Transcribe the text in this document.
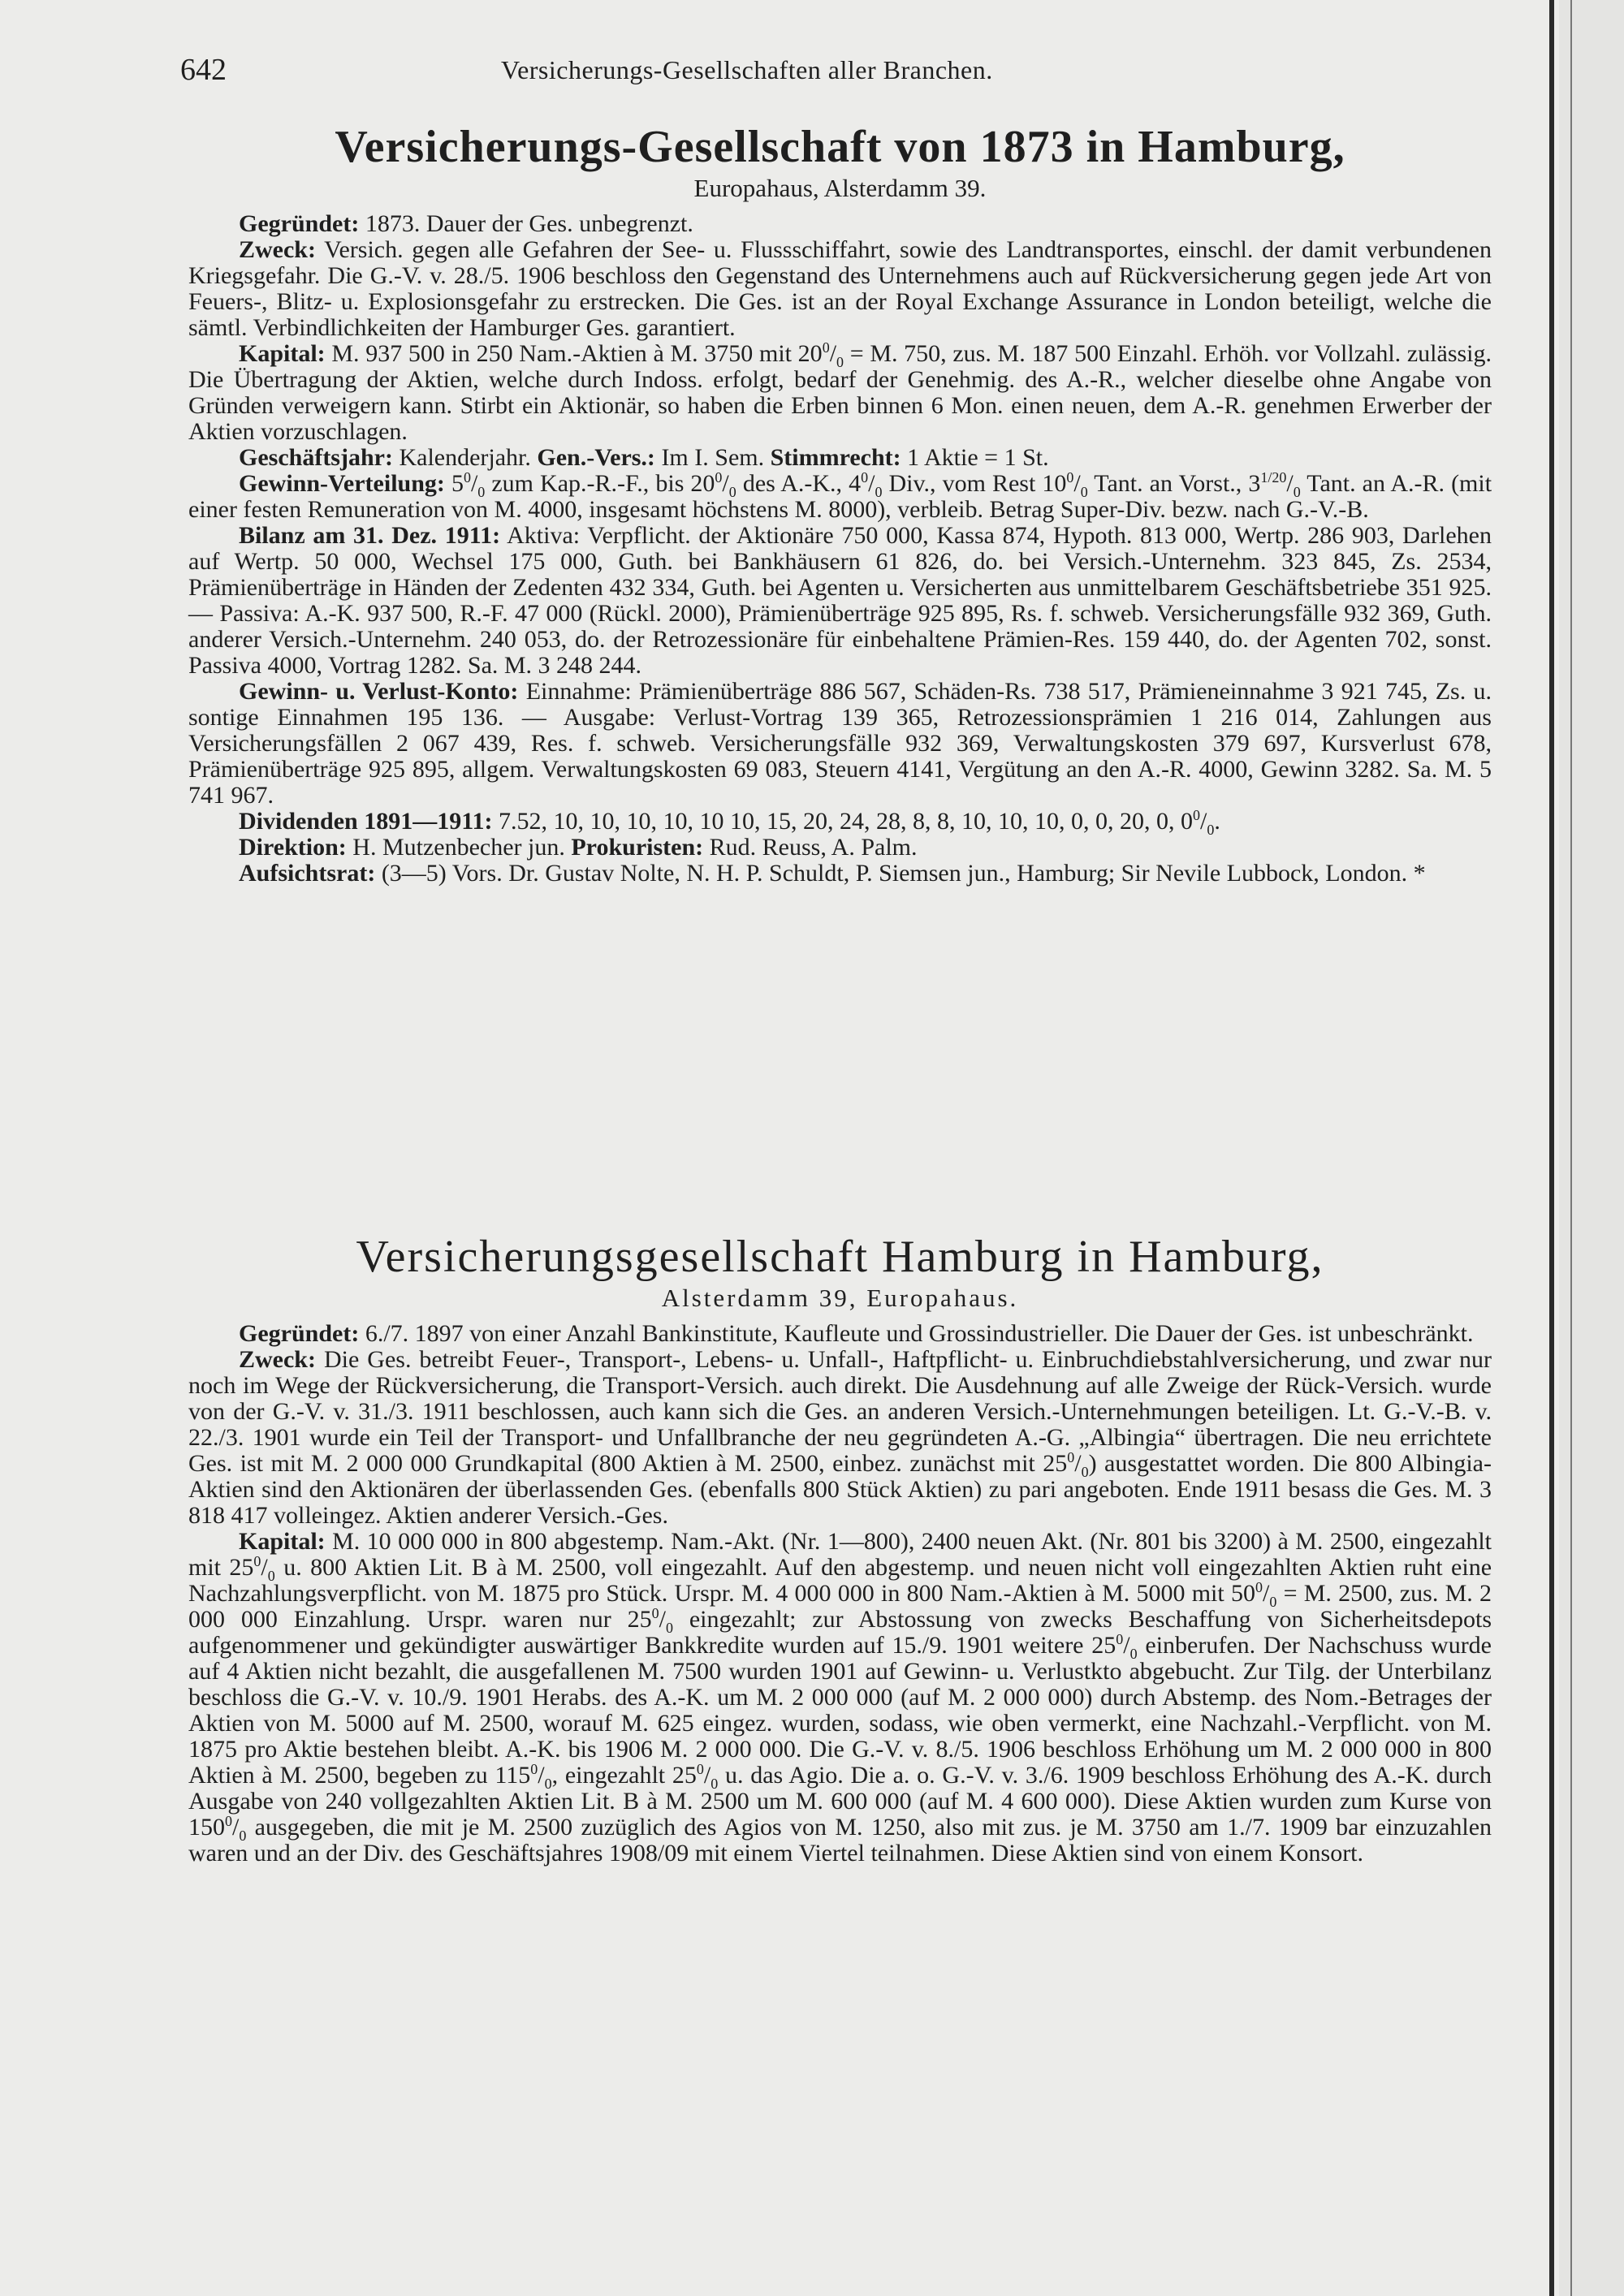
642	Versicherungs-Gesellschaften aller Branchen.

Versicherungs-Gesellschaft von 1873 in Hamburg,

Europahaus, Alsterdamm 39.

Gegründet: 1873. Dauer der Ges. unbegrenzt.

Zweck: Versich. gegen alle Gefahren der See- u. Flussschiffahrt, sowie des Landtransportes, einschl. der damit verbundenen Kriegsgefahr. Die G.-V. v. 28./5. 1906 beschloss den Gegenstand des Unternehmens auch auf Rückversicherung gegen jede Art von Feuers-, Blitz- u. Explosionsgefahr zu erstrecken. Die Ges. ist an der Royal Exchange Assurance in London beteiligt, welche die sämtl. Verbindlichkeiten der Hamburger Ges. garantiert.

Kapital: M. 937 500 in 250 Nam.-Aktien à M. 3750 mit $20^0/_0 = M$. 750, zus. M. 187 500 Einzahl. Erhöh. vor Vollzahl. zulässig. Die Übertragung der Aktien, welche durch Indoss. erfolgt, bedarf der Genehmig. des A.-R., welcher dieselbe ohne Angabe von Gründen verweigern kann. Stirbt ein Aktionär, so haben die Erben binnen 6 Mon. einen neuen, dem A.-R. genehmen Erwerber der Aktien vorzuschlagen.

Geschäftsjahr: Kalenderjahr. Gen.-Vers.: Im I. Sem. Stimmrecht: 1 Aktie = 1 St.

Gewinn-Verteilung: $5^0/_0$ zum Kap.-R.-F., bis $20^0/_0$ des A.-K., $4^0/_0$ Div., vom Rest $10^0/_0$ Tant. an Vorst., $3^{1/20}/_0$ Tant. an A.-R. (mit einer festen Remuneration von M. 4000, insgesamt höchstens M. 8000), verbleib. Betrag Super-Div. bezw. nach G.-V.-B.

Bilanz am 31. Dez. 1911: Aktiva: Verpflicht. der Aktionäre 750 000, Kassa 874, Hypoth. 813 000, Wertp. 286 903, Darlehen auf Wertp. 50 000, Wechsel 175 000, Guth. bei Bankhäusern 61 826, do. bei Versich.-Unternehm. 323 845, Zs. 2534, Prämienüberträge in Händen der Zedenten 432 334, Guth. bei Agenten u. Versicherten aus unmittelbarem Geschäftsbetriebe 351 925. — Passiva: A.-K. 937 500, R.-F. 47 000 (Rückl. 2000), Prämienüberträge 925 895, Rs. f. schweb. Versicherungsfälle 932 369, Guth. anderer Versich.-Unternehm. 240 053, do. der Retrozessionäre für einbehaltene Prämien-Res. 159 440, do. der Agenten 702, sonst. Passiva 4000, Vortrag 1282. Sa. M. 3 248 244.

Gewinn- u. Verlust-Konto: Einnahme: Prämienüberträge 886 567, Schäden-Rs. 738 517, Prämieneinnahme 3 921 745, Zs. u. sontige Einnahmen 195 136. — Ausgabe: Verlust-Vortrag 139 365, Retrozessionsprämien 1 216 014, Zahlungen aus Versicherungsfällen 2 067 439, Res. f. schweb. Versicherungsfälle 932 369, Verwaltungskosten 379 697, Kursverlust 678, Prämienüberträge 925 895, allgem. Verwaltungskosten 69 083, Steuern 4141, Vergütung an den A.-R. 4000, Gewinn 3282. Sa. M. 5 741 967.

Dividenden 1891—1911: 7.52, 10, 10, 10, 10, 10 10, 15, 20, 24, 28, 8, 8, 10, 10, 10, 0, 0, 20, 0, $0^0/_0$.

Direktion: H. Mutzenbecher jun. Prokuristen: Rud. Reuss, A. Palm.

Aufsichtsrat: (3—5) Vors. Dr. Gustav Nolte, N. H. P. Schuldt, P. Siemsen jun., Hamburg; Sir Nevile Lubbock, London. *

Versicherungsgesellschaft Hamburg in Hamburg,

Alsterdamm 39, Europahaus.

Gegründet: 6./7. 1897 von einer Anzahl Bankinstitute, Kaufleute und Grossindustrieller. Die Dauer der Ges. ist unbeschränkt.

Zweck: Die Ges. betreibt Feuer-, Transport-, Lebens- u. Unfall-, Haftpflicht- u. Einbruchdiebstahlversicherung, und zwar nur noch im Wege der Rückversicherung, die Transport-Versich. auch direkt. Die Ausdehnung auf alle Zweige der Rück-Versich. wurde von der G.-V. v. 31./3. 1911 beschlossen, auch kann sich die Ges. an anderen Versich.-Unternehmungen beteiligen. Lt. G.-V.-B. v. 22./3. 1901 wurde ein Teil der Transport- und Unfallbranche der neu gegründeten A.-G. „Albingia“ übertragen. Die neu errichtete Ges. ist mit M. 2 000 000 Grundkapital (800 Aktien à M. 2500, einbez. zunächst mit $25^0/_0$) ausgestattet worden. Die 800 Albingia-Aktien sind den Aktionären der überlassenden Ges. (ebenfalls 800 Stück Aktien) zu pari angeboten. Ende 1911 besass die Ges. M. 3 818 417 volleingez. Aktien anderer Versich.-Ges.

Kapital: M. 10 000 000 in 800 abgestemp. Nam.-Akt. (Nr. 1—800), 2400 neuen Akt. (Nr. 801 bis 3200) à M. 2500, eingezahlt mit $25^0/_0$ u. 800 Aktien Lit. B à M. 2500, voll eingezahlt. Auf den abgestemp. und neuen nicht voll eingezahlten Aktien ruht eine Nachzahlungsverpflicht. von M. 1875 pro Stück. Urspr. M. 4 000 000 in 800 Nam.-Aktien à M. 5000 mit $50^0/_0 = M$. 2500, zus. M. 2 000 000 Einzahlung. Urspr. waren nur $25^0/_0$ eingezahlt; zur Abstossung von zwecks Beschaffung von Sicherheitsdepots aufgenommener und gekündigter auswärtiger Bankkredite wurden auf 15./9. 1901 weitere $25^0/_0$ einberufen. Der Nachschuss wurde auf 4 Aktien nicht bezahlt, die ausgefallenen M. 7500 wurden 1901 auf Gewinn- u. Verlustkto abgebucht. Zur Tilg. der Unterbilanz beschloss die G.-V. v. 10./9. 1901 Herabs. des A.-K. um M. 2 000 000 (auf M. 2 000 000) durch Abstemp. des Nom.-Betrages der Aktien von M. 5000 auf M. 2500, worauf M. 625 eingez. wurden, sodass, wie oben vermerkt, eine Nachzahl.-Verpflicht. von M. 1875 pro Aktie bestehen bleibt. A.-K. bis 1906 M. 2 000 000. Die G.-V. v. 8./5. 1906 beschloss Erhöhung um M. 2 000 000 in 800 Aktien à M. 2500, begeben zu $115^0/_0$, eingezahlt $25^0/_0$ u. das Agio. Die a. o. G.-V. v. 3./6. 1909 beschloss Erhöhung des A.-K. durch Ausgabe von 240 vollgezahlten Aktien Lit. B à M. 2500 um M. 600 000 (auf M. 4 600 000). Diese Aktien wurden zum Kurse von $150^0/_0$ ausgegeben, die mit je M. 2500 zuzüglich des Agios von M. 1250, also mit zus. je M. 3750 am 1./7. 1909 bar einzuzahlen waren und an der Div. des Geschäftsjahres 1908/09 mit einem Viertel teilnahmen. Diese Aktien sind von einem Konsort.
